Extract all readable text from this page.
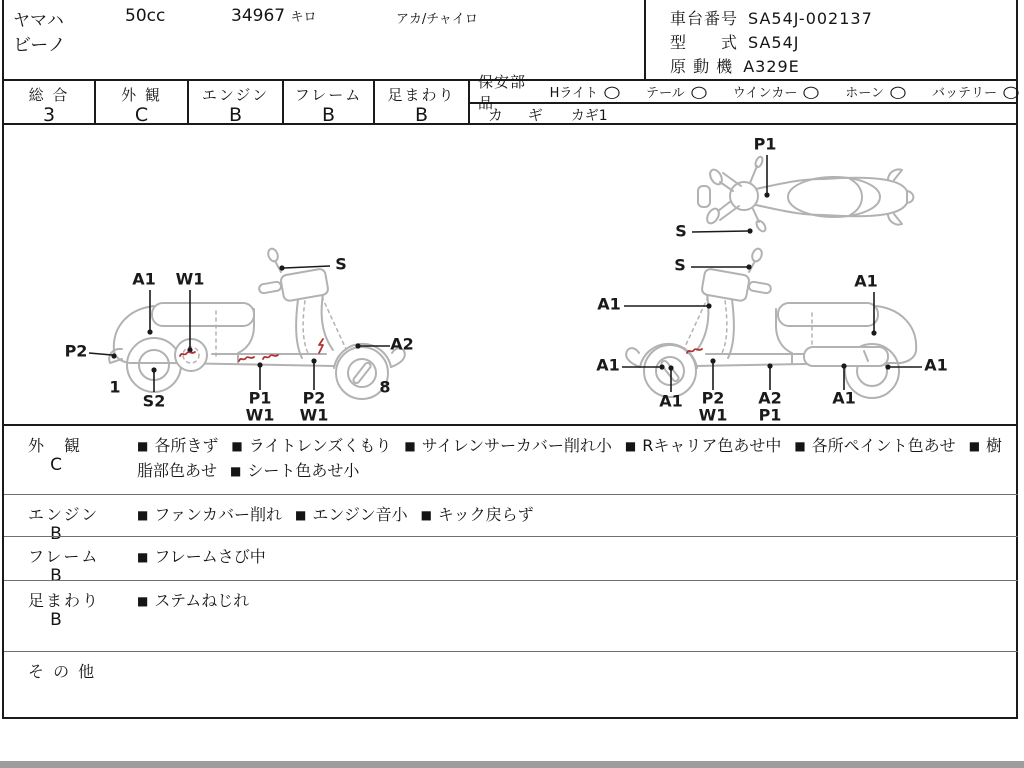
ヤマハ
ビーノ
50cc	34967 キロ	アカ/チャイロ	車台番号 SA54J-002137
型　　式 SA54J
原 動 機 A329E
総 合
3
外 観
C
エンジン
B
フレーム
B
足まわり
B
保安部品	Hライト ○ テール ○ ウインカー ○ ホーン ○ バッテリー ○
カ ギ カギ1
P1
S
A1 W1
S
P2
S2
1
P1
W1
P2
W1
A2
8
S
A1
A1
A1
A1 P2
W1
A2
P1
A1
A1
外　観
C
■ 各所きず ■ ライトレンズくもり ■ サイレンサーカバー削れ小 ■ Rキャリア色あせ中 ■ 各所ペイント色あせ ■ 樹脂部色あせ ■ シート色あせ小
エンジン
B
■ ファンカバー削れ ■ エンジン音小 ■ キック戻らず
フレーム
B
■ フレームさび中
足まわり
B
■ ステムねじれ
そ の 他
